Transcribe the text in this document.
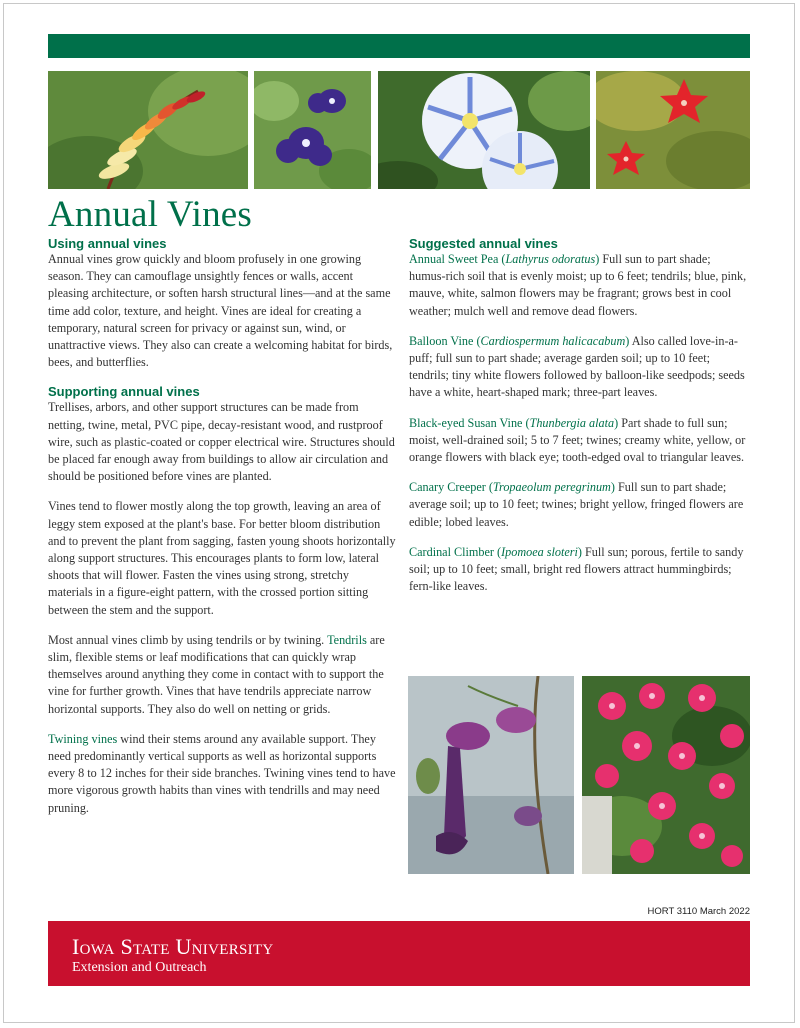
Annual Vines
Using annual vines

Annual vines grow quickly and bloom profusely in one growing season. They can camouflage unsightly fences or walls, accent pleasing architecture, or soften harsh structural lines—and at the same time add color, texture, and height. Vines are ideal for creating a temporary, natural screen for privacy or against sun, wind, or unattractive views. They also can create a welcoming habitat for birds, bees, and butterflies.

Supporting annual vines

Trellises, arbors, and other support structures can be made from netting, twine, metal, PVC pipe, decay-resistant wood, and rustproof wire, such as plastic-coated or copper electrical wire. Structures should be placed far enough away from buildings to allow air circulation and should be positioned before vines are planted.

Vines tend to flower mostly along the top growth, leaving an area of leggy stem exposed at the plant's base. For better bloom distribution and to prevent the plant from sagging, fasten young shoots horizontally along support structures. This encourages plants to form low, lateral shoots that will flower. Fasten the vines using strong, stretchy materials in a figure-eight pattern, with the crossed portion sitting between the stem and the support.

Most annual vines climb by using tendrils or by twining. Tendrils are slim, flexible stems or leaf modifications that can quickly wrap themselves around anything they come in contact with to support the vine for further growth. Vines that have tendrils appreciate narrow horizontal supports. They also do well on netting or grids.

Twining vines wind their stems around any available support. They need predominantly vertical supports as well as horizontal supports every 8 to 12 inches for their side branches. Twining vines tend to have more vigorous growth habits than vines with tendrills and may need pruning.

Suggested annual vines

Annual Sweet Pea (Lathyrus odoratus) Full sun to part shade; humus-rich soil that is evenly moist; up to 6 feet; tendrils; blue, pink, mauve, white, salmon flowers may be fragrant; grows best in cool weather; mulch well and remove dead flowers.

Balloon Vine (Cardiospermum halicacabum) Also called love-in-a-puff; full sun to part shade; average garden soil; up to 10 feet; tendrils; tiny white flowers followed by balloon-like seedpods; seeds have a white, heart-shaped mark; three-part leaves.

Black-eyed Susan Vine (Thunbergia alata) Part shade to full sun; moist, well-drained soil; 5 to 7 feet; twines; creamy white, yellow, or orange flowers with black eye; tooth-edged oval to triangular leaves.

Canary Creeper (Tropaeolum peregrinum) Full sun to part shade; average soil; up to 10 feet; twines; bright yellow, fringed flowers are edible; lobed leaves.

Cardinal Climber (Ipomoea sloteri) Full sun; porous, fertile to sandy soil; up to 10 feet; small, bright red flowers attract hummingbirds; fern-like leaves.

HORT 3110 March 2022
Iowa State University
Extension and Outreach
